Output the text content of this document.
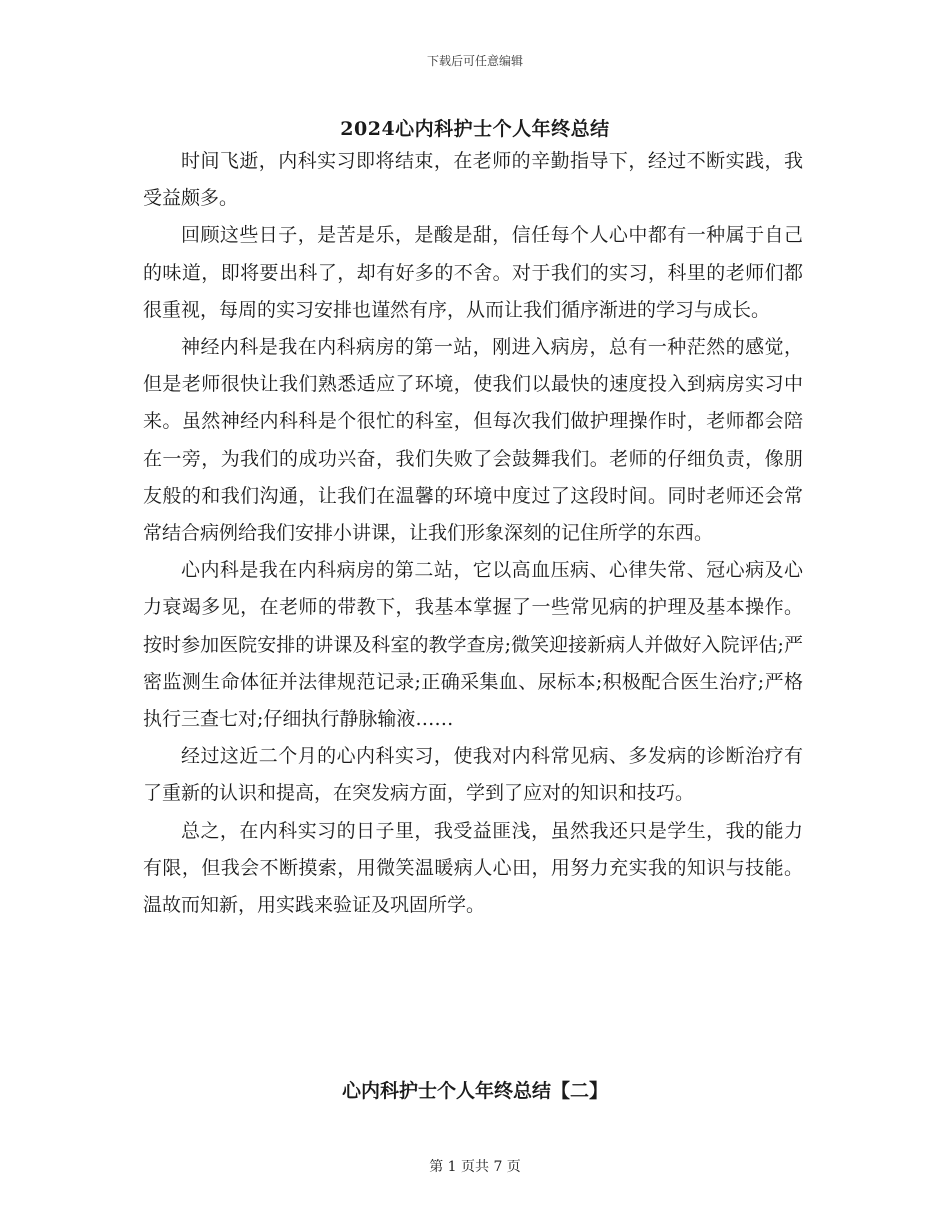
下载后可任意编辑
2024心内科护士个人年终总结

时间飞逝，内科实习即将结束，在老师的辛勤指导下，经过不断实践，我受益颇多。

回顾这些日子，是苦是乐，是酸是甜，信任每个人心中都有一种属于自己的味道，即将要出科了，却有好多的不舍。对于我们的实习，科里的老师们都很重视，每周的实习安排也谨然有序，从而让我们循序渐进的学习与成长。

神经内科是我在内科病房的第一站，刚进入病房，总有一种茫然的感觉，但是老师很快让我们熟悉适应了环境，使我们以最快的速度投入到病房实习中来。虽然神经内科科是个很忙的科室，但每次我们做护理操作时，老师都会陪在一旁，为我们的成功兴奋，我们失败了会鼓舞我们。老师的仔细负责，像朋友般的和我们沟通，让我们在温馨的环境中度过了这段时间。同时老师还会常常结合病例给我们安排小讲课，让我们形象深刻的记住所学的东西。

心内科是我在内科病房的第二站，它以高血压病、心律失常、冠心病及心力衰竭多见，在老师的带教下，我基本掌握了一些常见病的护理及基本操作。按时参加医院安排的讲课及科室的教学查房;微笑迎接新病人并做好入院评估;严密监测生命体征并法律规范记录;正确采集血、尿标本;积极配合医生治疗;严格执行三查七对;仔细执行静脉输液……

经过这近二个月的心内科实习，使我对内科常见病、多发病的诊断治疗有了重新的认识和提高，在突发病方面，学到了应对的知识和技巧。

总之，在内科实习的日子里，我受益匪浅，虽然我还只是学生，我的能力有限，但我会不断摸索，用微笑温暖病人心田，用努力充实我的知识与技能。温故而知新，用实践来验证及巩固所学。

心内科护士个人年终总结【二】
第 1 页共 7 页
